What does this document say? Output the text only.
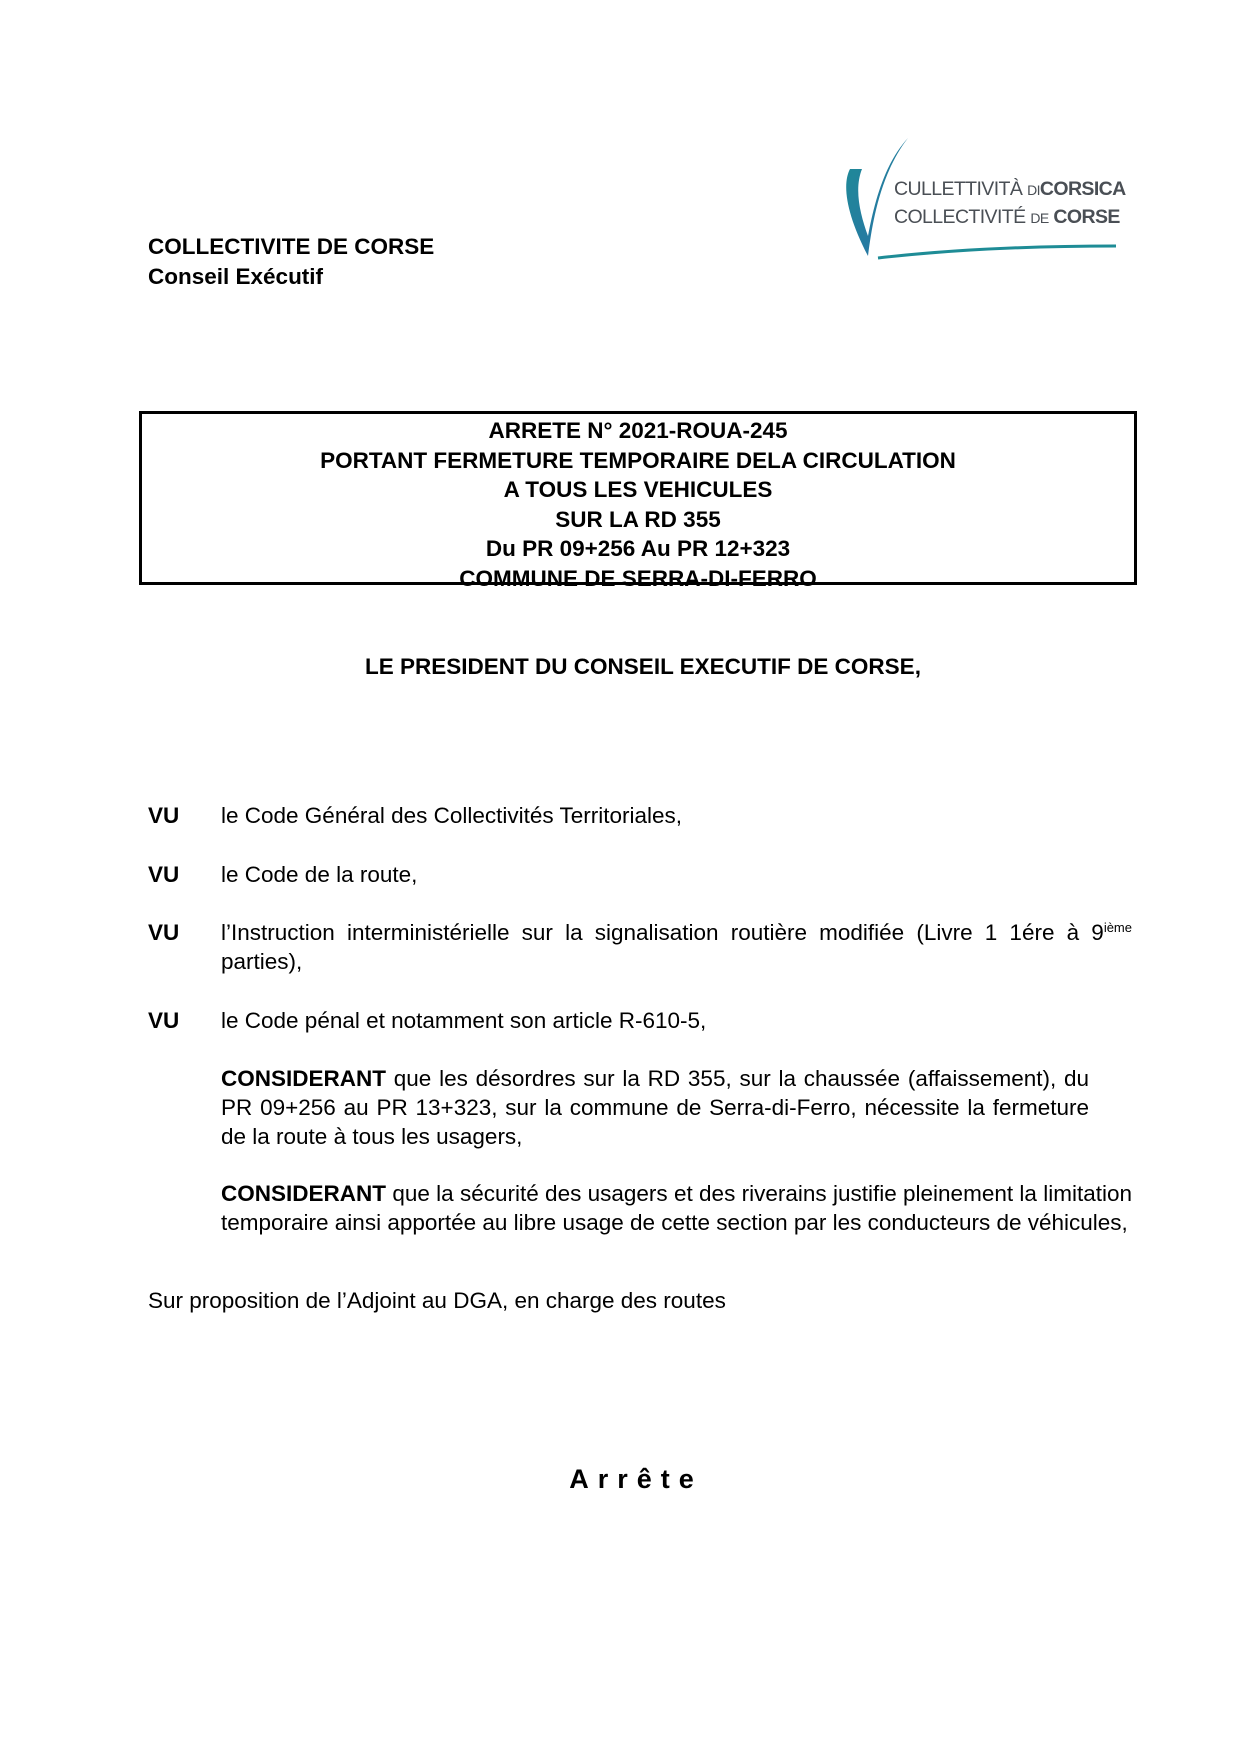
COLLECTIVITE DE CORSE
Conseil Exécutif
CULLETTIVITÀ DICORSICA
COLLECTIVITÉ DE CORSE
ARRETE N° 2021-ROUA-245
PORTANT FERMETURE TEMPORAIRE DELA CIRCULATION
A TOUS LES VEHICULES
SUR LA RD 355
Du PR 09+256 Au PR 12+323
COMMUNE DE SERRA-DI-FERRO
LE PRESIDENT DU CONSEIL EXECUTIF DE CORSE,
VU le Code Général des Collectivités Territoriales,
VU le Code de la route,
VU l’Instruction interministérielle sur la signalisation routière modifiée (Livre 1 1ére à 9ième parties),
VU le Code pénal et notamment son article R-610-5,
CONSIDERANT que les désordres sur la RD 355, sur la chaussée (affaissement), du PR 09+256 au PR 13+323, sur la commune de Serra-di-Ferro, nécessite la fermeture de la route à tous les usagers,
CONSIDERANT que la sécurité des usagers et des riverains justifie pleinement la limitation temporaire ainsi apportée au libre usage de cette section par les conducteurs de véhicules,
Sur proposition de l’Adjoint au DGA, en charge des routes
Arrête
